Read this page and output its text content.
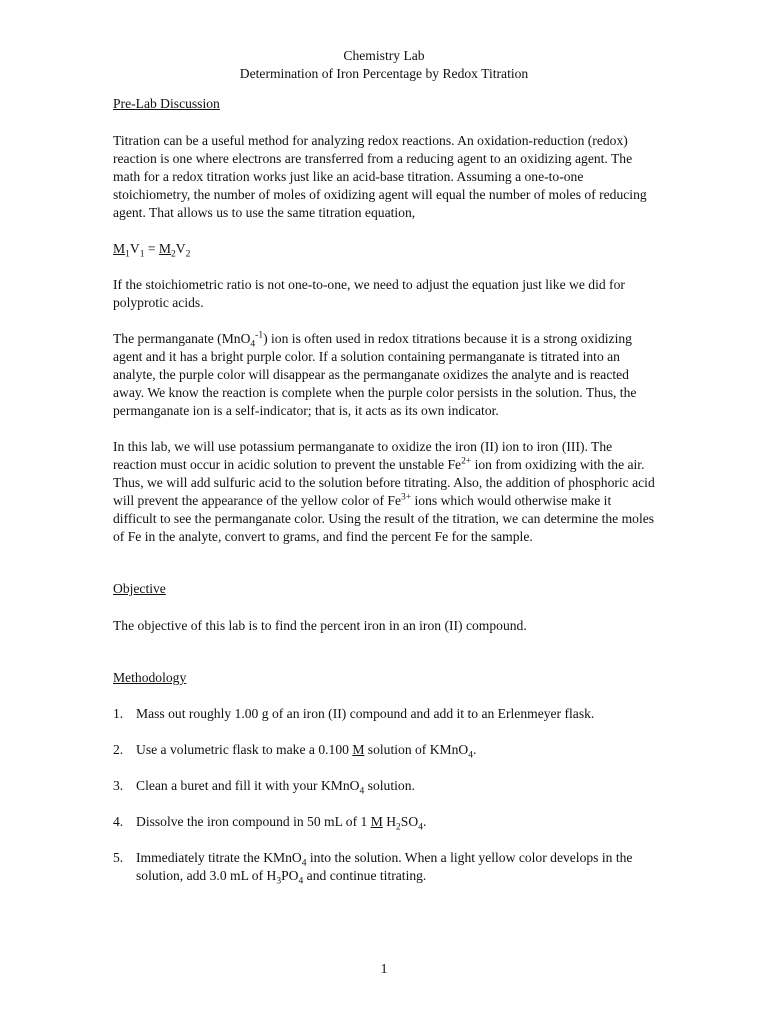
Chemistry Lab
Determination of Iron Percentage by Redox Titration

Pre-Lab Discussion

Titration can be a useful method for analyzing redox reactions. An oxidation-reduction (redox) reaction is one where electrons are transferred from a reducing agent to an oxidizing agent. The math for a redox titration works just like an acid-base titration. Assuming a one-to-one stoichiometry, the number of moles of oxidizing agent will equal the number of moles of reducing agent. That allows us to use the same titration equation,

$M_1V_1 = M_2V_2$

If the stoichiometric ratio is not one-to-one, we need to adjust the equation just like we did for polyprotic acids.

The permanganate (MnO$_4^{-1}$) ion is often used in redox titrations because it is a strong oxidizing agent and it has a bright purple color. If a solution containing permanganate is titrated into an analyte, the purple color will disappear as the permanganate oxidizes the analyte and is reacted away. We know the reaction is complete when the purple color persists in the solution. Thus, the permanganate ion is a self-indicator; that is, it acts as its own indicator.

In this lab, we will use potassium permanganate to oxidize the iron (II) ion to iron (III). The reaction must occur in acidic solution to prevent the unstable $Fe^{2+}$ ion from oxidizing with the air. Thus, we will add sulfuric acid to the solution before titrating. Also, the addition of phosphoric acid will prevent the appearance of the yellow color of $Fe^{3+}$ ions which would otherwise make it difficult to see the permanganate color. Using the result of the titration, we can determine the moles of Fe in the analyte, convert to grams, and find the percent Fe for the sample.

Objective

The objective of this lab is to find the percent iron in an iron (II) compound.

Methodology

1. Mass out roughly 1.00 g of an iron (II) compound and add it to an Erlenmeyer flask.
2. Use a volumetric flask to make a 0.100 M solution of KMnO$_4$.
3. Clean a buret and fill it with your KMnO$_4$ solution.
4. Dissolve the iron compound in 50 mL of 1 M $H_2SO_4$.
5. Immediately titrate the KMnO$_4$ into the solution. When a light yellow color develops in the solution, add 3.0 mL of $H_3PO_4$ and continue titrating.
1
